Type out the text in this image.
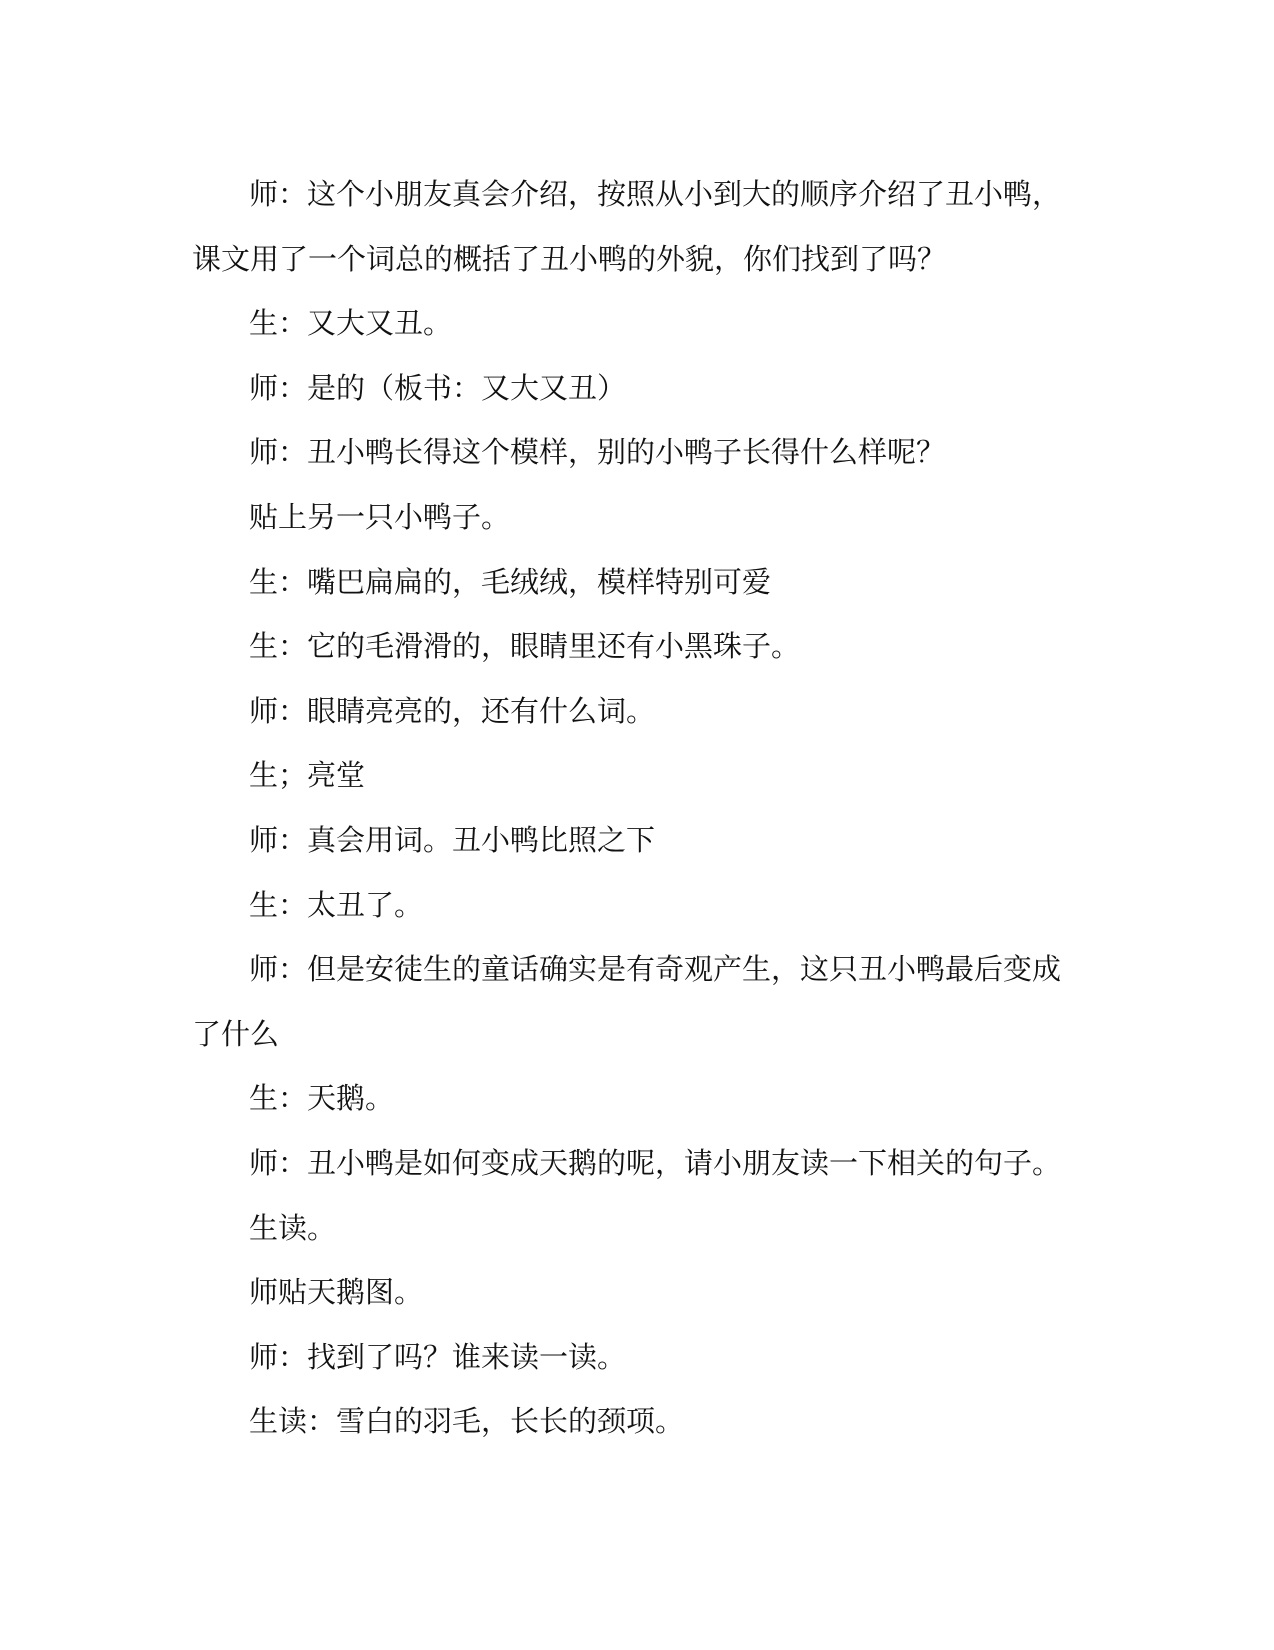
师：这个小朋友真会介绍，按照从小到大的顺序介绍了丑小鸭，课文用了一个词总的概括了丑小鸭的外貌，你们找到了吗？

生：又大又丑。

师：是的（板书：又大又丑）

师：丑小鸭长得这个模样，别的小鸭子长得什么样呢？

贴上另一只小鸭子。

生：嘴巴扁扁的，毛绒绒，模样特别可爱

生：它的毛滑滑的，眼睛里还有小黑珠子。

师：眼睛亮亮的，还有什么词。

生；亮堂

师：真会用词。丑小鸭比照之下

生：太丑了。

师：但是安徒生的童话确实是有奇观产生，这只丑小鸭最后变成了什么

生：天鹅。

师：丑小鸭是如何变成天鹅的呢，请小朋友读一下相关的句子。

生读。

师贴天鹅图。

师：找到了吗？谁来读一读。

生读：雪白的羽毛，长长的颈项。
